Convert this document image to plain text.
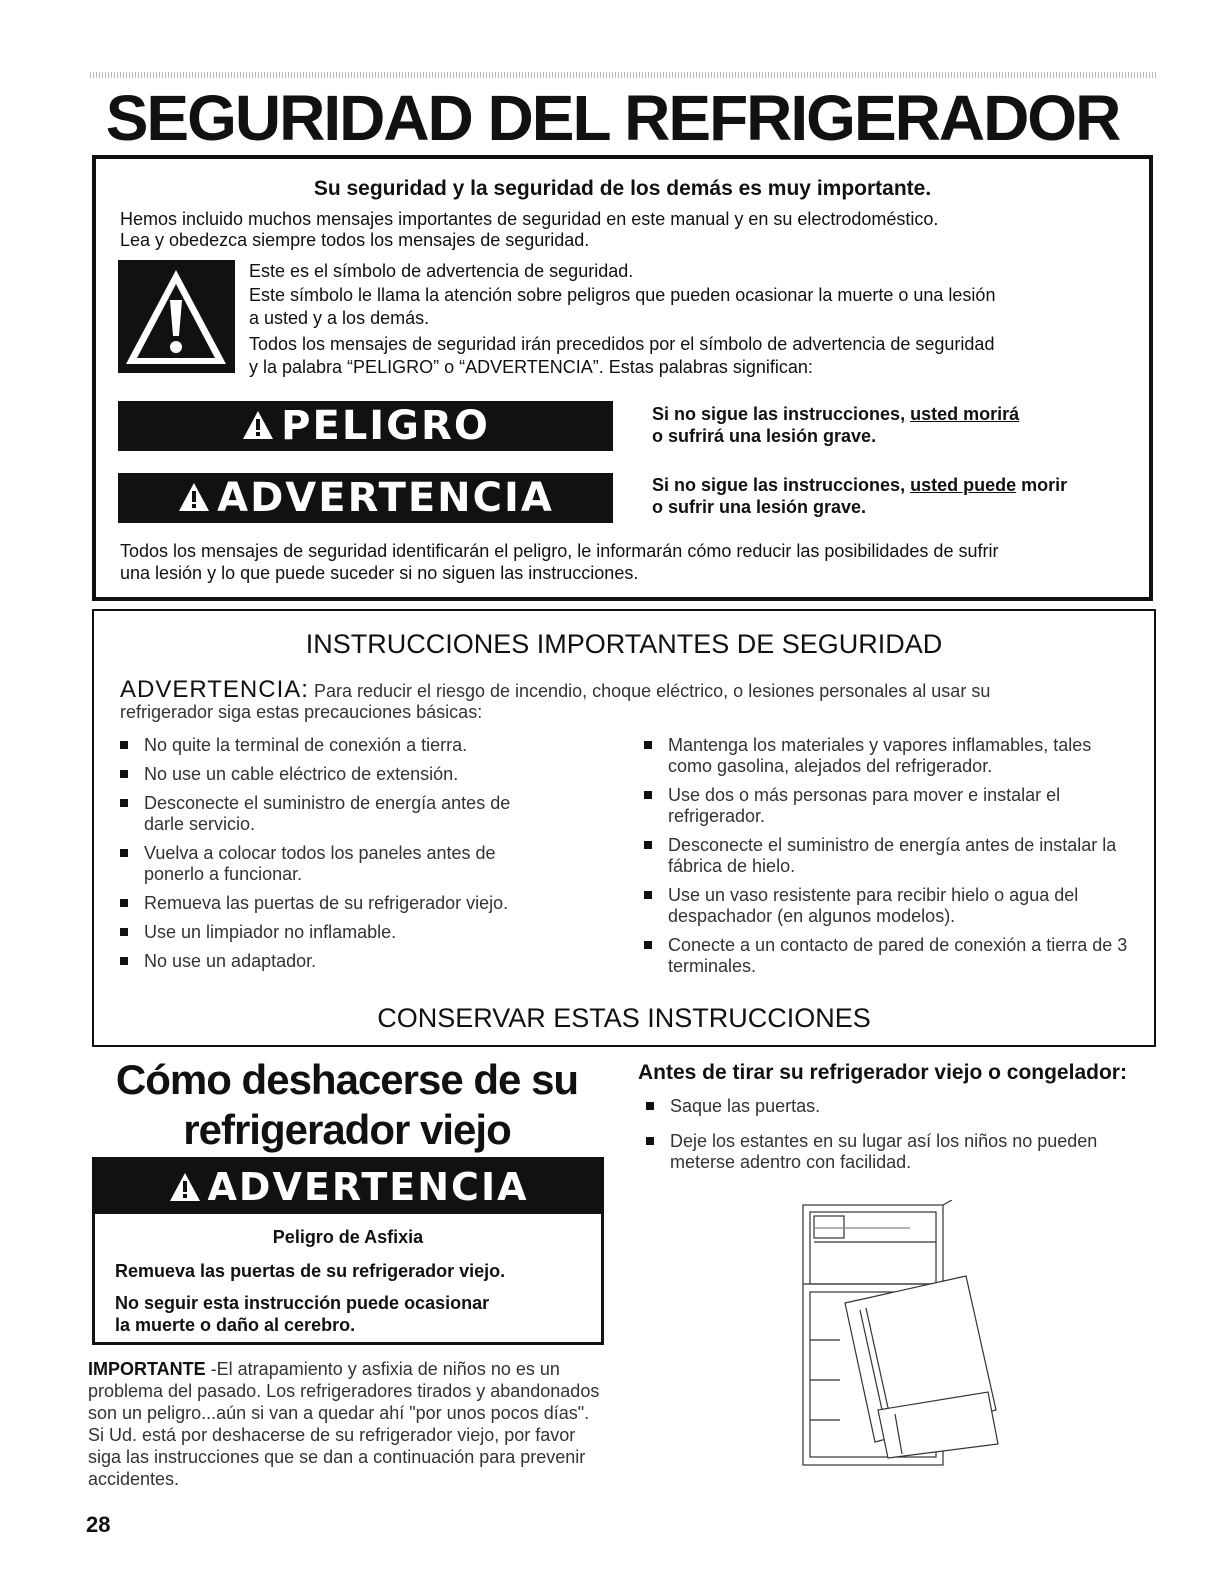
SEGURIDAD DEL REFRIGERADOR
Su seguridad y la seguridad de los demás es muy importante.
Hemos incluido muchos mensajes importantes de seguridad en este manual y en su electrodoméstico.
Lea y obedezca siempre todos los mensajes de seguridad.
Este es el símbolo de advertencia de seguridad.
Este símbolo le llama la atención sobre peligros que pueden ocasionar la muerte o una lesión
a usted y a los demás.
Todos los mensajes de seguridad irán precedidos por el símbolo de advertencia de seguridad
y la palabra “PELIGRO” o “ADVERTENCIA”. Estas palabras significan:
PELIGRO	Si no sigue las instrucciones, usted morirá
o sufrirá una lesión grave.
ADVERTENCIA	Si no sigue las instrucciones, usted puede morir
o sufrir una lesión grave.
Todos los mensajes de seguridad identificarán el peligro, le informarán cómo reducir las posibilidades de sufrir
una lesión y lo que puede suceder si no siguen las instrucciones.
INSTRUCCIONES IMPORTANTES DE SEGURIDAD
ADVERTENCIA: Para reducir el riesgo de incendio, choque eléctrico, o lesiones personales al usar su
refrigerador siga estas precauciones básicas:
No quite la terminal de conexión a tierra.
No use un cable eléctrico de extensión.
Desconecte el suministro de energía antes de darle servicio.
Vuelva a colocar todos los paneles antes de ponerlo a funcionar.
Remueva las puertas de su refrigerador viejo.
Use un limpiador no inflamable.
No use un adaptador.
Mantenga los materiales y vapores inflamables, tales como gasolina, alejados del refrigerador.
Use dos o más personas para mover e instalar el refrigerador.
Desconecte el suministro de energía antes de instalar la fábrica de hielo.
Use un vaso resistente para recibir hielo o agua del despachador (en algunos modelos).
Conecte a un contacto de pared de conexión a tierra de 3 terminales.
CONSERVAR ESTAS INSTRUCCIONES
Cómo deshacerse de su
refrigerador viejo
ADVERTENCIA
Peligro de Asfixia
Remueva las puertas de su refrigerador viejo.
No seguir esta instrucción puede ocasionar
la muerte o daño al cerebro.
IMPORTANTE -El atrapamiento y asfixia de niños no es un problema del pasado. Los refrigeradores tirados y abandonados son un peligro...aún si van a quedar ahí "por unos pocos días". Si Ud. está por deshacerse de su refrigerador viejo, por favor siga las instrucciones que se dan a continuación para prevenir accidentes.
Antes de tirar su refrigerador viejo o congelador:
Saque las puertas.
Deje los estantes en su lugar así los niños no pueden meterse adentro con facilidad.
28
